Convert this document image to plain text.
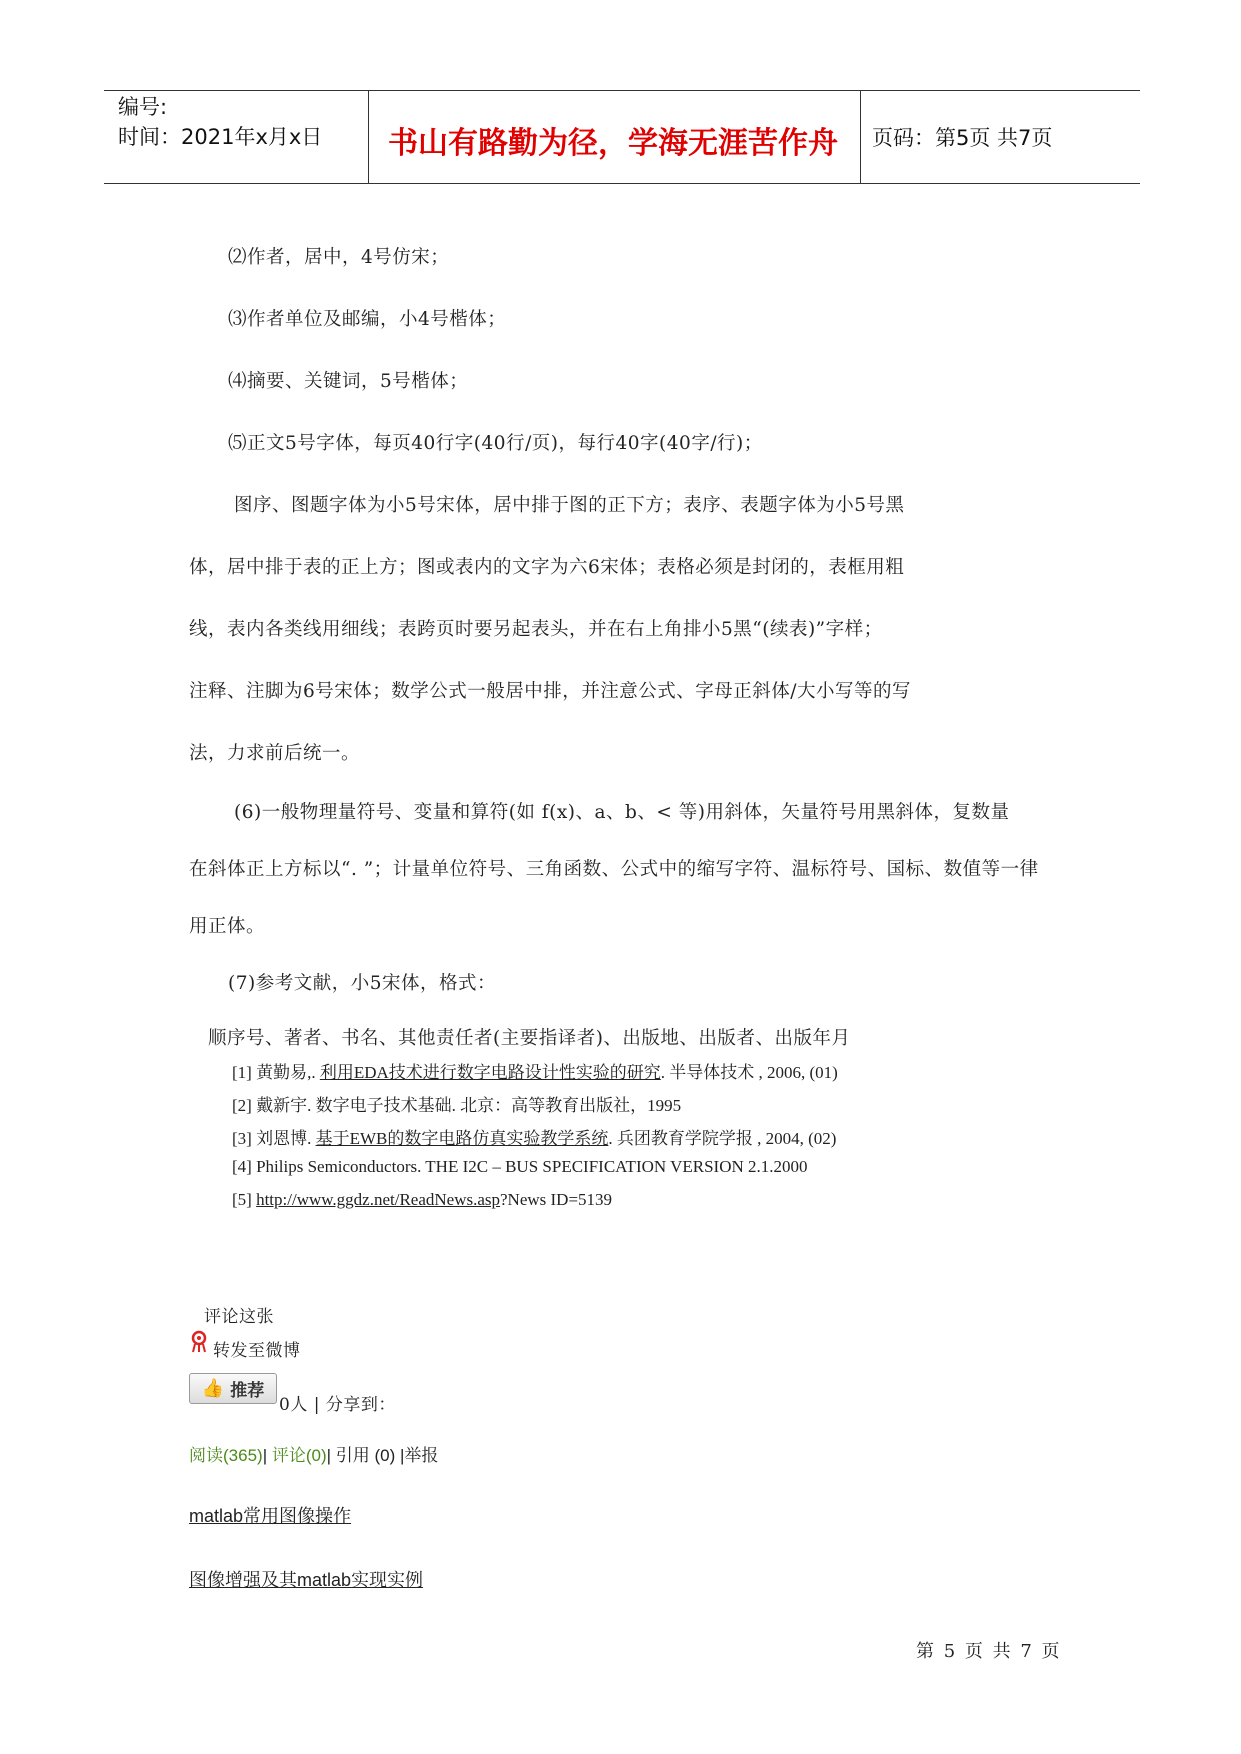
编号:
时间：2021年x月x日	书山有路勤为径，学海无涯苦作舟	页码：第5页 共7页
⑵作者，居中，4号仿宋；
⑶作者单位及邮编，小4号楷体；
⑷摘要、关键词，5号楷体；
⑸正文5号字体，每页40行字(40行/页)，每行40字(40字/行)；
图序、图题字体为小5号宋体，居中排于图的正下方；表序、表题字体为小5号黑
体，居中排于表的正上方；图或表内的文字为六6宋体；表格必须是封闭的，表框用粗
线，表内各类线用细线；表跨页时要另起表头，并在右上角排小5黑“(续表)”字样；
注释、注脚为6号宋体；数学公式一般居中排，并注意公式、字母正斜体/大小写等的写
法，力求前后统一。
(6)一般物理量符号、变量和算符(如 f(x)、a、b、< 等)用斜体，矢量符号用黑斜体，复数量
在斜体正上方标以“. ”；计量单位符号、三角函数、公式中的缩写字符、温标符号、国标、数值等一律
用正体。
(7)参考文献，小5宋体，格式：
顺序号、著者、书名、其他责任者(主要指译者)、出版地、出版者、出版年月
[1] 黄勤易,. 利用EDA技术进行数字电路设计性实验的研究. 半导体技术 , 2006, (01)
[2] 戴新宇. 数字电子技术基础. 北京：高等教育出版社，1995
[3] 刘恩博. 基于EWB的数字电路仿真实验教学系统. 兵团教育学院学报 , 2004, (02)
[4] Philips Semiconductors. THE I2C – BUS SPECIFICATION VERSION 2.1.2000
[5] http://www.ggdz.net/ReadNews.asp?News ID=5139
评论这张
转发至微博
👍 推荐
0人 | 分享到：
阅读(365)| 评论(0)| 引用 (0) |举报
matlab常用图像操作
图像增强及其matlab实现实例
第 5 页 共 7 页
